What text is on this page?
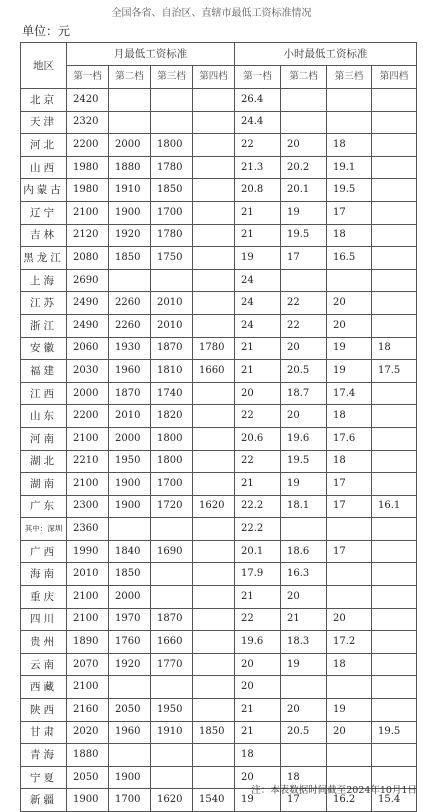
全国各省、自治区、直辖市最低工资标准情况
单位：元
地区	月最低工资标准				小时最低工资标准			
	第一档	第二档	第三档	第四档	第一档	第二档	第三档	第四档
北京	2420				26.4			
天津	2320				24.4			
河北	2200	2000	1800		22	20	18	
山西	1980	1880	1780		21.3	20.2	19.1	
内蒙古	1980	1910	1850		20.8	20.1	19.5	
辽宁	2100	1900	1700		21	19	17	
吉林	2120	1920	1780		21	19.5	18	
黑龙江	2080	1850	1750		19	17	16.5	
上海	2690				24			
江苏	2490	2260	2010		24	22	20	
浙江	2490	2260	2010		24	22	20	
安徽	2060	1930	1870	1780	21	20	19	18
福建	2030	1960	1810	1660	21	20.5	19	17.5
江西	2000	1870	1740		20	18.7	17.4	
山东	2200	2010	1820		22	20	18	
河南	2100	2000	1800		20.6	19.6	17.6	
湖北	2210	1950	1800		22	19.5	18	
湖南	2100	1900	1700		21	19	17	
广东	2300	1900	1720	1620	22.2	18.1	17	16.1
其中：深圳	2360				22.2			
广西	1990	1840	1690		20.1	18.6	17	
海南	2010	1850			17.9	16.3		
重庆	2100	2000			21	20		
四川	2100	1970	1870		22	21	20	
贵州	1890	1760	1660		19.6	18.3	17.2	
云南	2070	1920	1770		20	19	18	
西藏	2100				20			
陕西	2160	2050	1950		21	20	19	
甘肃	2020	1960	1910	1850	21	20.5	20	19.5
青海	1880				18			
宁夏	2050	1900			20	18		
新疆	1900	1700	1620	1540	19	17	16.2	15.4
注：本表数据时间截至2024年10月1日
